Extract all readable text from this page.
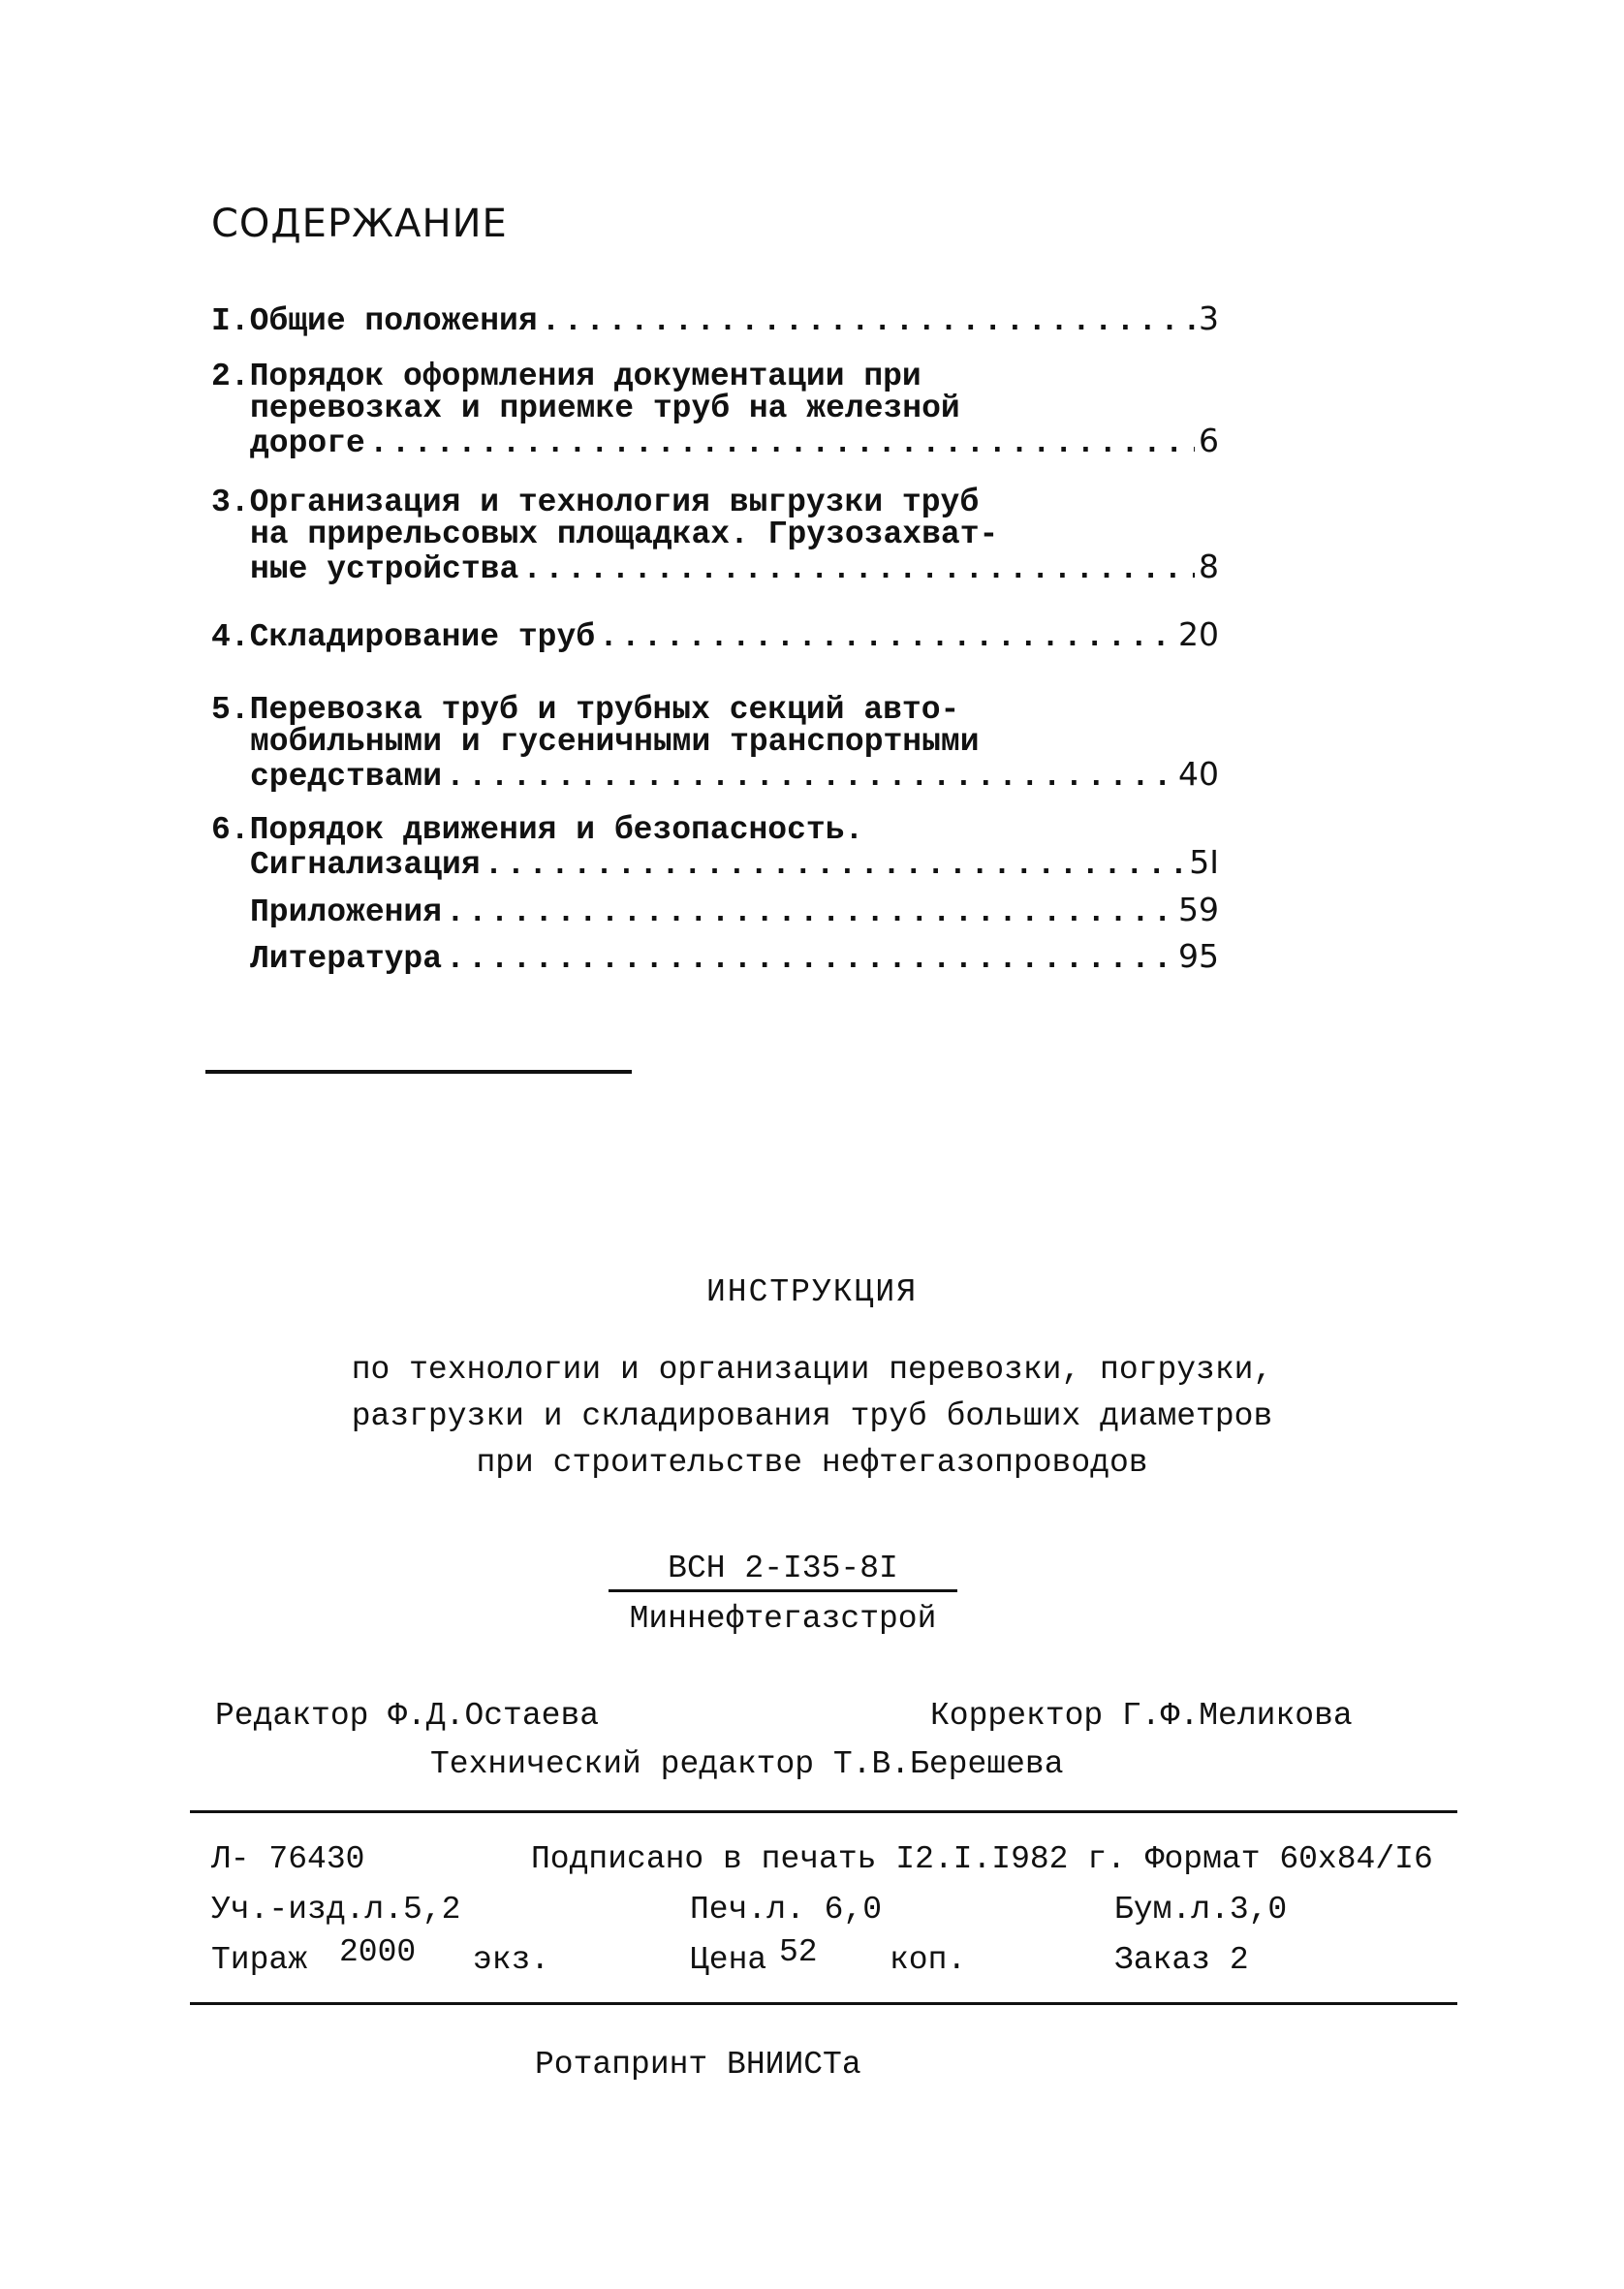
СОДЕРЖАНИЕ
I. Общие положения .....	3
2.Порядок оформления документации при
перевозках и приемке труб на железной
дороге .....	6
3.Организация и технология выгрузки труб
на прирельсовых площадках. Грузозахват-
ные устройства .....	8
4. Складирование труб .....	20
5.Перевозка труб и трубных секций авто-
мобильными и гусеничными транспортными
средствами .....	40
6.Порядок движения и безопасность.
Сигнализация .....	5I
Приложения .....	59
Литература .....	95
ИНСТРУКЦИЯ
по технологии и организации перевозки, погрузки,
разгрузки и складирования труб больших диаметров
при строительстве нефтегазопроводов
ВСН 2-I35-8I
Миннефтегазстрой
Редактор Ф.Д.Остаева	Корректор Г.Ф.Меликова
Технический редактор Т.В.Берешева
Л- 76430	Подписано в печать I2.I.I982 г. Формат 60х84/I6
Уч.-изд.л.5,2	Печ.л. 6,0	Бум.л.3,0
Тираж 2000 экз.	Цена 52 коп.	Заказ 2
Ротапринт ВНИИСТа
